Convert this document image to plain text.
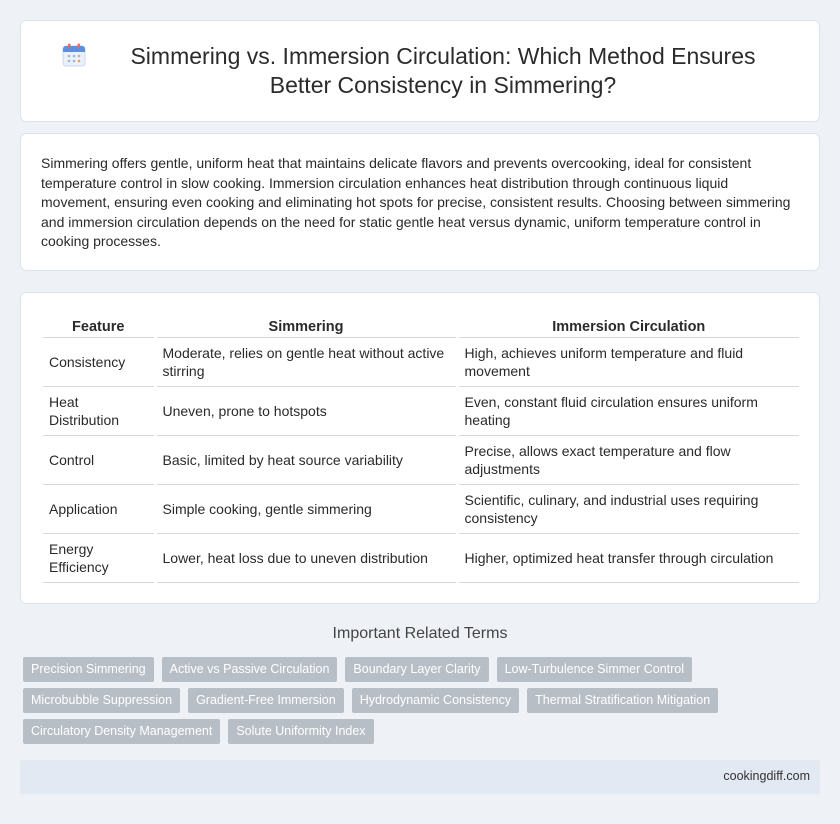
Simmering vs. Immersion Circulation: Which Method Ensures Better Consistency in Simmering?

Simmering offers gentle, uniform heat that maintains delicate flavors and prevents overcooking, ideal for consistent temperature control in slow cooking. Immersion circulation enhances heat distribution through continuous liquid movement, ensuring even cooking and eliminating hot spots for precise, consistent results. Choosing between simmering and immersion circulation depends on the need for static gentle heat versus dynamic, uniform temperature control in cooking processes.

Feature	Simmering	Immersion Circulation
Consistency	Moderate, relies on gentle heat without active stirring	High, achieves uniform temperature and fluid movement
Heat Distribution	Uneven, prone to hotspots	Even, constant fluid circulation ensures uniform heating
Control	Basic, limited by heat source variability	Precise, allows exact temperature and flow adjustments
Application	Simple cooking, gentle simmering	Scientific, culinary, and industrial uses requiring consistency
Energy Efficiency	Lower, heat loss due to uneven distribution	Higher, optimized heat transfer through circulation
Important Related Terms
Precision Simmering	Active vs Passive Circulation	Boundary Layer Clarity	Low-Turbulence Simmer Control
Microbubble Suppression	Gradient-Free Immersion	Hydrodynamic Consistency	Thermal Stratification Mitigation
Circulatory Density Management	Solute Uniformity Index
cookingdiff.com
